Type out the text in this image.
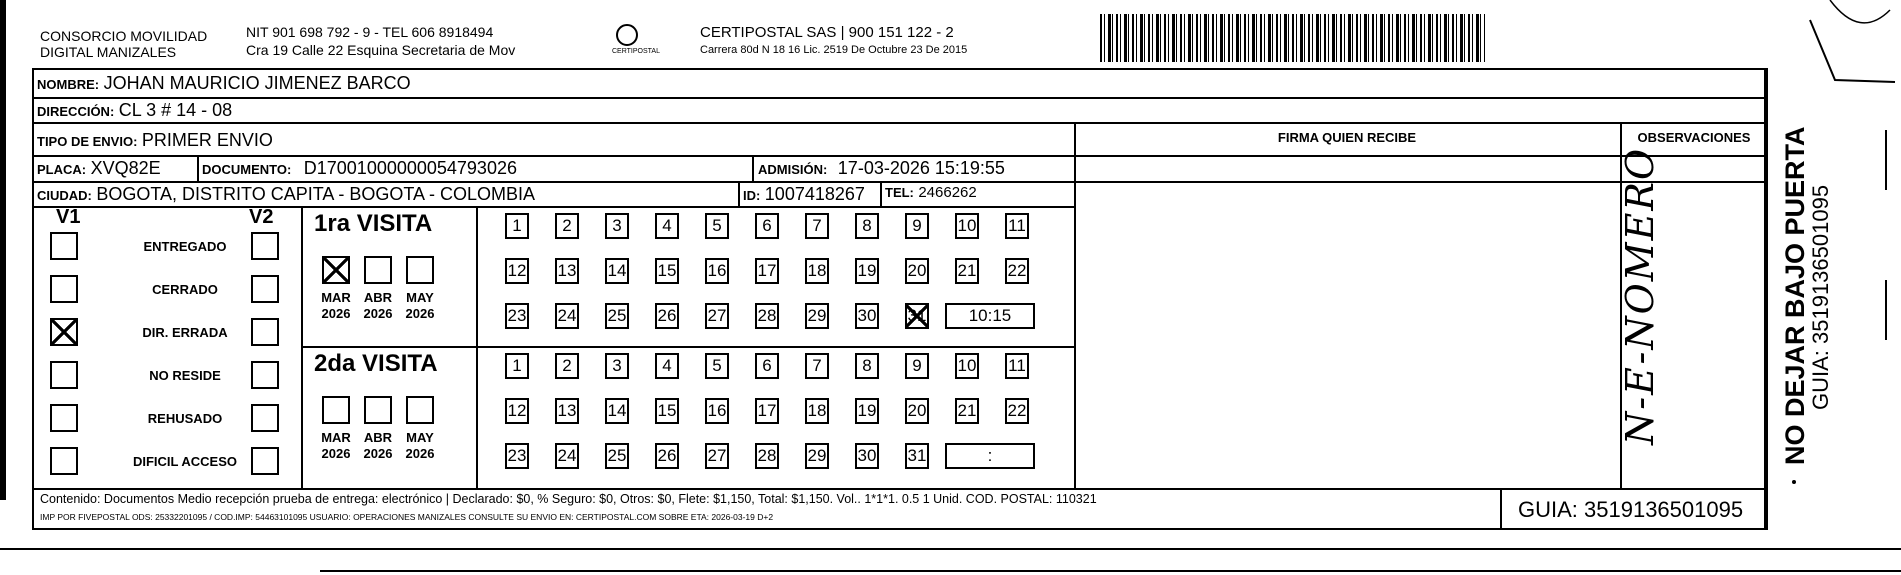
CONSORCIO MOVILIDAD
DIGITAL MANIZALES
NIT 901 698 792 - 9 - TEL 606 8918494
Cra 19 Calle 22 Esquina Secretaria de Mov	CERTIPOSTAL
CERTIPOSTAL SAS | 900 151 122 - 2
Carrera 80d N 18 16 Lic. 2519 De Octubre 23 De 2015
NOMBRE: JOHAN MAURICIO JIMENEZ BARCO
DIRECCIÓN: CL 3 # 14 - 08
TIPO DE ENVIO: PRIMER ENVIO
PLACA: XVQ82E	DOCUMENTO: D17001000000054793026	ADMISIÓN: 17-03-2026 15:19:55
CIUDAD: BOGOTA, DISTRITO CAPITA - BOGOTA - COLOMBIA	ID: 1007418267 TEL: 2466262
FIRMA QUIEN RECIBE	OBSERVACIONES
N-E-NOMERO
V1	V2
ENTREGADO
CERRADO
DIR. ERRADA
NO RESIDE
REHUSADO
DIFICIL ACCESO
1ra VISITA
MAR
2026
ABR
2026
MAY
2026
1	2	3	4	5	6	7	8	9	10 11
12 13 14 15 16 17 18 19 20 21 22
23 24 25 26 27 28 29 30 31	10:15
2da VISITA
MAR
2026
ABR
2026
MAY
2026
1	2	3	4	5	6	7	8	9	10 11
12 13 14 15 16 17 18 19 20 21 22
23 24 25 26 27 28 29 30 31	:
Contenido: Documentos Medio recepción prueba de entrega: electrónico | Declarado: $0, % Seguro: $0, Otros: $0, Flete: $1,150, Total: $1,150. Vol.. 1*1*1. 0.5 1 Unid. COD. POSTAL: 110321
IMP POR FIVEPOSTAL ODS: 25332201095 / COD.IMP: 54463101095 USUARIO: OPERACIONES MANIZALES CONSULTE SU ENVIO EN: CERTIPOSTAL.COM SOBRE ETA: 2026-03-19 D+2	GUIA: 3519136501095
NO DEJAR BAJO PUERTA
GUIA: 3519136501095
